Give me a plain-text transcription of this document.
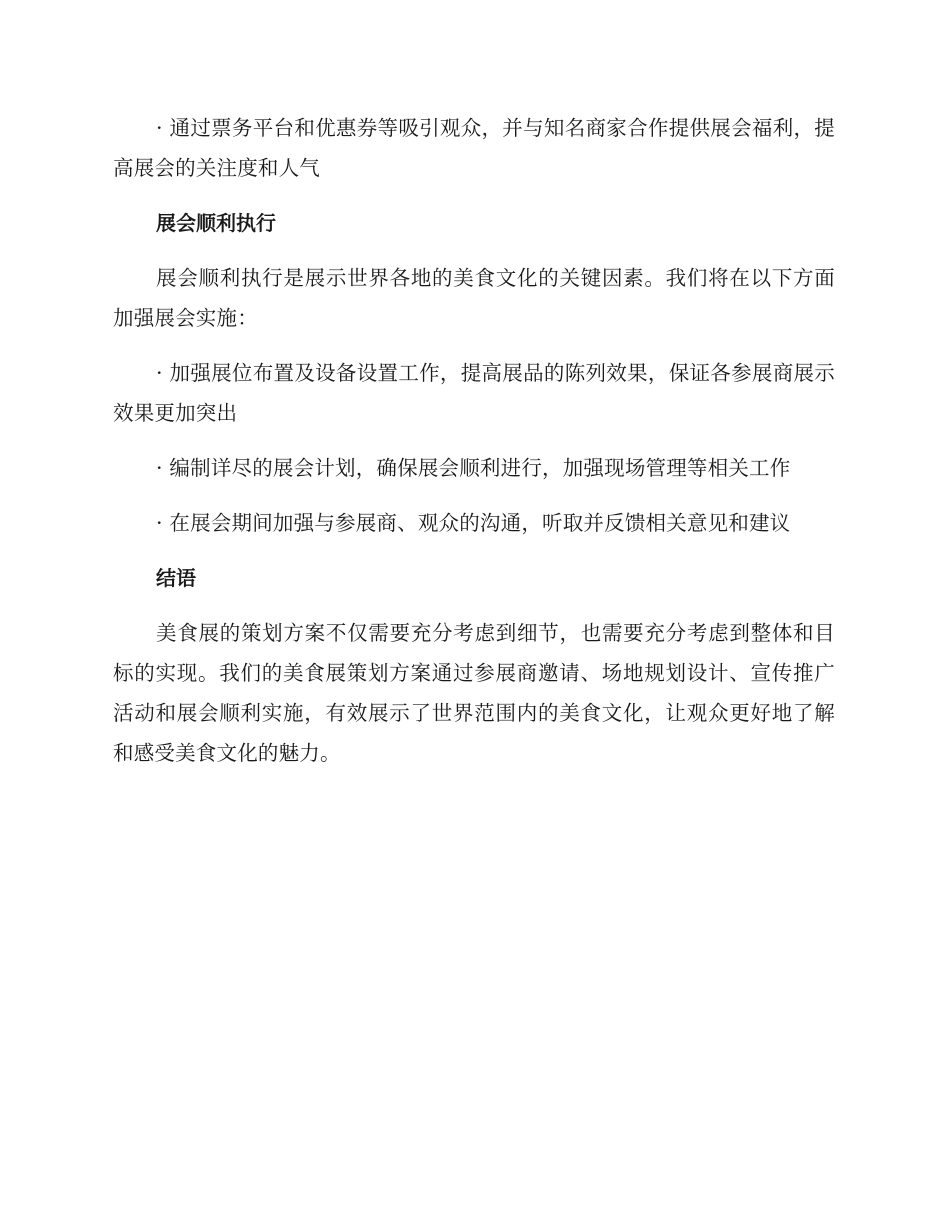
· 通过票务平台和优惠券等吸引观众，并与知名商家合作提供展会福利，提高展会的关注度和人气

展会顺利执行

展会顺利执行是展示世界各地的美食文化的关键因素。我们将在以下方面加强展会实施：

· 加强展位布置及设备设置工作，提高展品的陈列效果，保证各参展商展示效果更加突出

· 编制详尽的展会计划，确保展会顺利进行，加强现场管理等相关工作

· 在展会期间加强与参展商、观众的沟通，听取并反馈相关意见和建议

结语

美食展的策划方案不仅需要充分考虑到细节，也需要充分考虑到整体和目标的实现。我们的美食展策划方案通过参展商邀请、场地规划设计、宣传推广活动和展会顺利实施，有效展示了世界范围内的美食文化，让观众更好地了解和感受美食文化的魅力。
